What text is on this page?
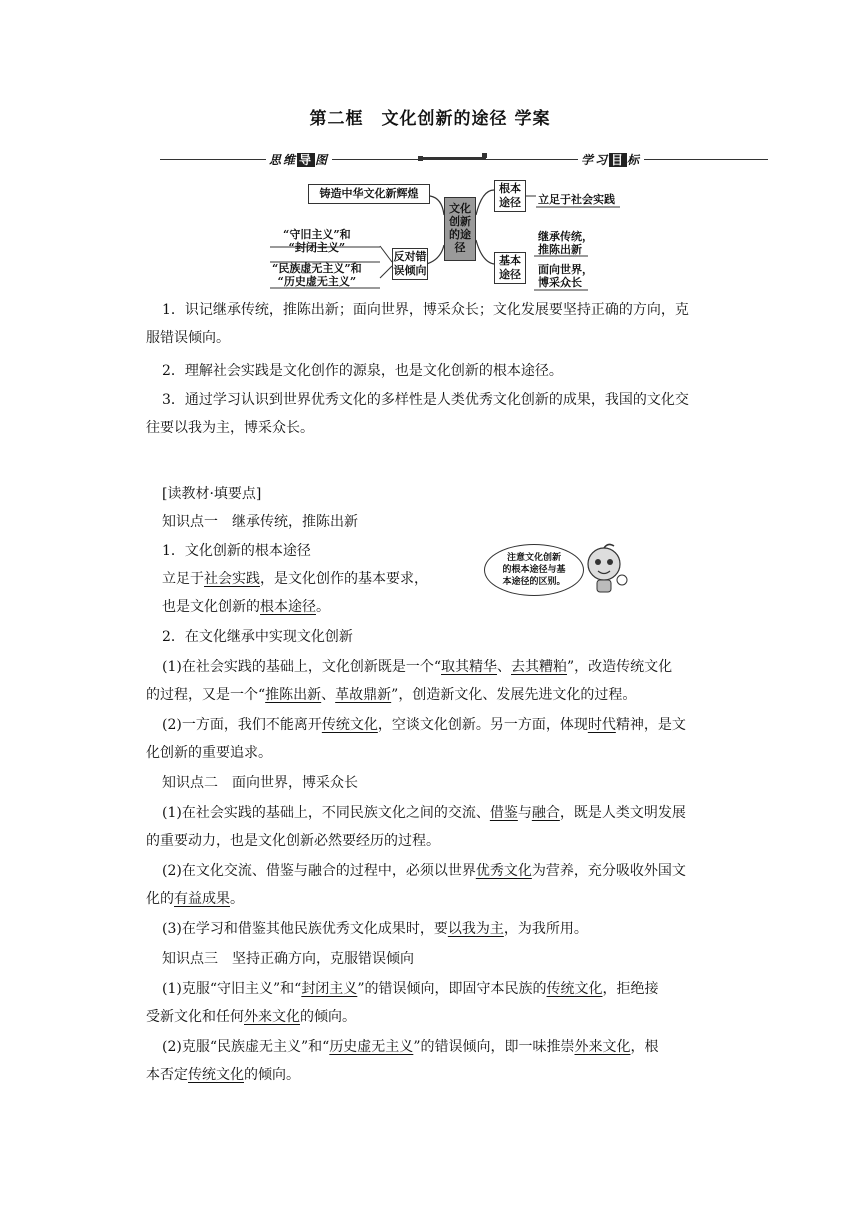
第二框　文化创新的途径 学案
思维 导 图	学习 目 标
铸造中华文化新辉煌
“守旧主义”和
“封闭主义”
“民族虚无主义”和
“历史虚无主义”
反对错
误倾向
文化
创新
的途
径
根本
途径	立足于社会实践
基本
途径
继承传统，
推陈出新
面向世界，
博采众长
1．识记继承传统，推陈出新；面向世界，博采众长；文化发展要坚持正确的方向，克
服错误倾向。
2．理解社会实践是文化创作的源泉，也是文化创新的根本途径。
3．通过学习认识到世界优秀文化的多样性是人类优秀文化创新的成果，我国的文化交
往要以我为主，博采众长。
[读教材·填要点]
知识点一　继承传统，推陈出新
1．文化创新的根本途径
立足于社会实践，是文化创作的基本要求，
也是文化创新的根本途径。
2．在文化继承中实现文化创新
注意文化创新
的根本途径与基
本途径的区别。
(1)在社会实践的基础上，文化创新既是一个“取其精华、去其糟粕”，改造传统文化
的过程，又是一个“推陈出新、革故鼎新”，创造新文化、发展先进文化的过程。
(2)一方面，我们不能离开传统文化，空谈文化创新。另一方面，体现时代精神，是文
化创新的重要追求。
知识点二　面向世界，博采众长
(1)在社会实践的基础上，不同民族文化之间的交流、借鉴与融合，既是人类文明发展
的重要动力，也是文化创新必然要经历的过程。
(2)在文化交流、借鉴与融合的过程中，必须以世界优秀文化为营养，充分吸收外国文
化的有益成果。
(3)在学习和借鉴其他民族优秀文化成果时，要以我为主，为我所用。
知识点三　坚持正确方向，克服错误倾向
(1)克服“守旧主义”和“封闭主义”的错误倾向，即固守本民族的传统文化，拒绝接
受新文化和任何外来文化的倾向。
(2)克服“民族虚无主义”和“历史虚无主义”的错误倾向，即一味推崇外来文化，根
本否定传统文化的倾向。
